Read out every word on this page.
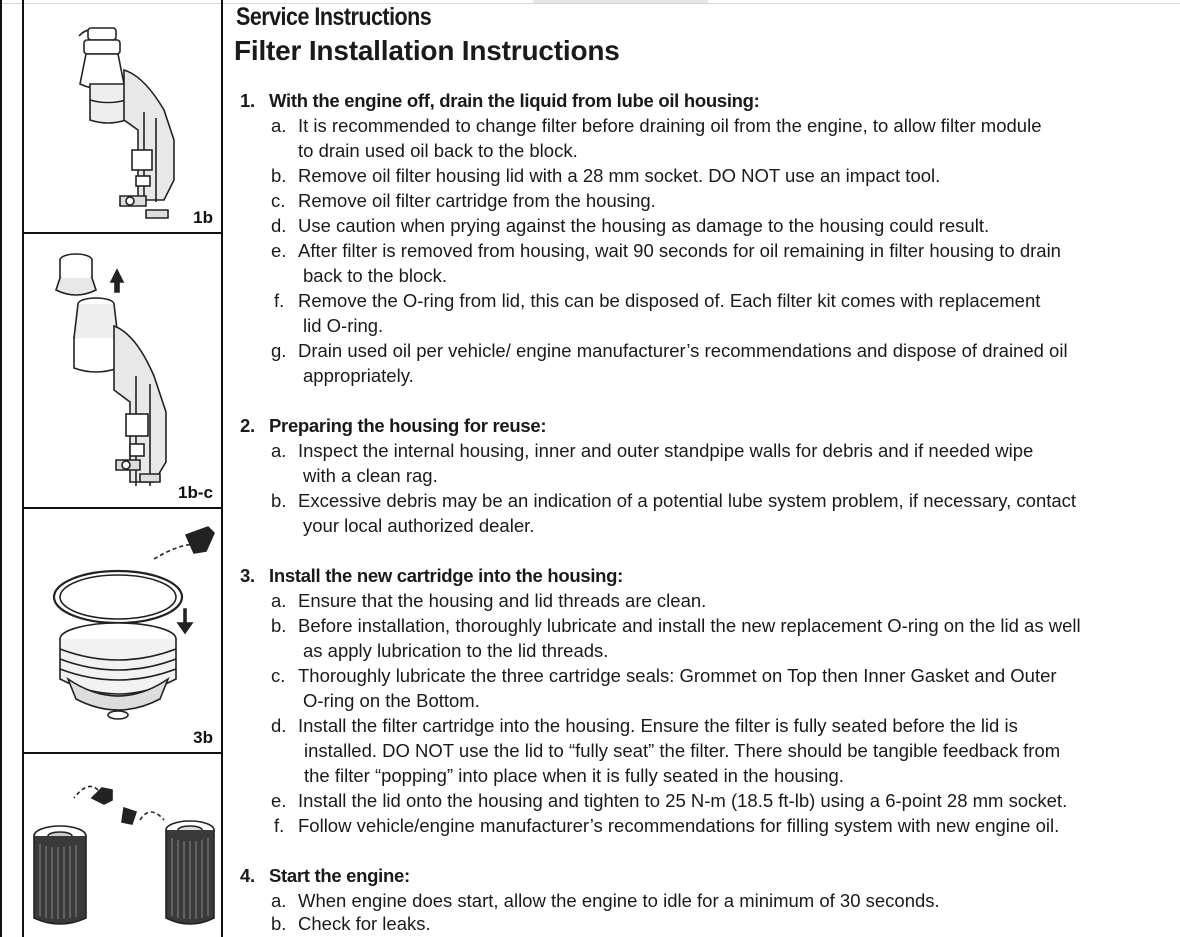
1b
1b-c
3b
Service Instructions
Filter Installation Instructions
1. With the engine off, drain the liquid from lube oil housing:
a. It is recommended to change filter before draining oil from the engine, to allow filter module
to drain used oil back to the block.
b. Remove oil filter housing lid with a 28 mm socket. DO NOT use an impact tool.
c. Remove oil filter cartridge from the housing.
d. Use caution when prying against the housing as damage to the housing could result.
e. After filter is removed from housing, wait 90 seconds for oil remaining in filter housing to drain
back to the block.
f. Remove the O-ring from lid, this can be disposed of. Each filter kit comes with replacement
lid O-ring.
g. Drain used oil per vehicle/ engine manufacturer’s recommendations and dispose of drained oil
appropriately.
2. Preparing the housing for reuse:
a. Inspect the internal housing, inner and outer standpipe walls for debris and if needed wipe
with a clean rag.
b. Excessive debris may be an indication of a potential lube system problem, if necessary, contact
your local authorized dealer.
3. Install the new cartridge into the housing:
a. Ensure that the housing and lid threads are clean.
b. Before installation, thoroughly lubricate and install the new replacement O-ring on the lid as well
as apply lubrication to the lid threads.
c. Thoroughly lubricate the three cartridge seals: Grommet on Top then Inner Gasket and Outer
O-ring on the Bottom.
d. Install the filter cartridge into the housing. Ensure the filter is fully seated before the lid is
installed. DO NOT use the lid to “fully seat” the filter. There should be tangible feedback from
the filter “popping” into place when it is fully seated in the housing.
e. Install the lid onto the housing and tighten to 25 N-m (18.5 ft-lb) using a 6-point 28 mm socket.
f. Follow vehicle/engine manufacturer’s recommendations for filling system with new engine oil.
4. Start the engine:
a. When engine does start, allow the engine to idle for a minimum of 30 seconds.
b. Check for leaks.
